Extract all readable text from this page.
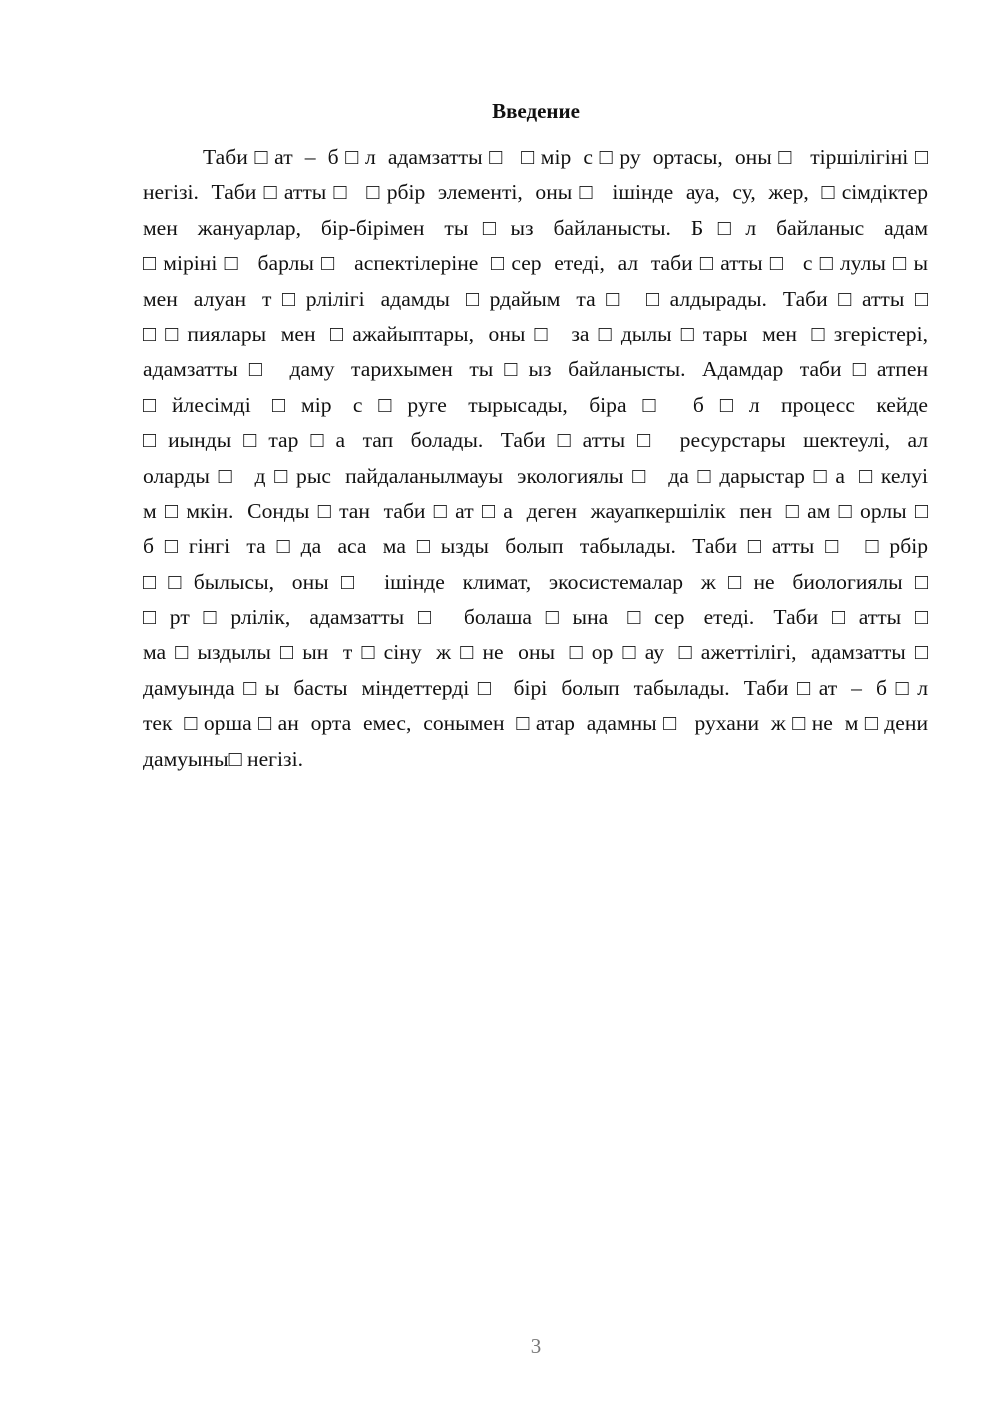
Введение
Таби□ат – б□л адамзатты□ □мір с□ру ортасы, оны□ тіршілігіні□
негізі. Таби□атты□ □рбір элементі, оны□ ішінде ауа, су, жер, □сімдіктер
мен жануарлар, бір-бірімен ты□ыз байланысты. Б□л байланыс адам
□мірінi□ барлы□ аспектілеріне □сер етеді, ал таби□атты□ с□лулы□ы
мен алуан т□рлілігі адамды □рдайым та□ □алдырады. Таби□атты□
□□пиялары мен □ажайыптары, оны□ за□дылы□тары мен □згерістері,
адамзатты□ даму тарихымен ты□ыз байланысты. Адамдар таби□атпен
□йлесімді □мір с□руге тырысады, біра□ б□л процесс кейде
□иынды□тар□а тап болады. Таби□атты□ ресурстары шектеулі, ал
оларды□ д□рыс пайдаланылмауы экологиялы□ да□дарыстар□а □келуі
м□мкін. Сонды□тан таби□ат□а деген жауапкершілік пен □ам□орлы□
б□гінгі та□да аса ма□ызды болып табылады. Таби□атты□ □рбір
□□былысы, оны□ ішінде климат, экосистемалар ж□не биологиялы□
□рт□рлілік, адамзатты□ болаша□ына □сер етеді. Таби□атты□
ма□ыздылы□ын т□сіну ж□не оны □ор□ау □ажеттілігі, адамзатты□
дамуында□ы басты міндеттерді□ бірі болып табылады. Таби□ат – б□л
тек □орша□ан орта емес, сонымен □атар адамны□ рухани ж□не м□дени
дамуыны□ негізі.
3
